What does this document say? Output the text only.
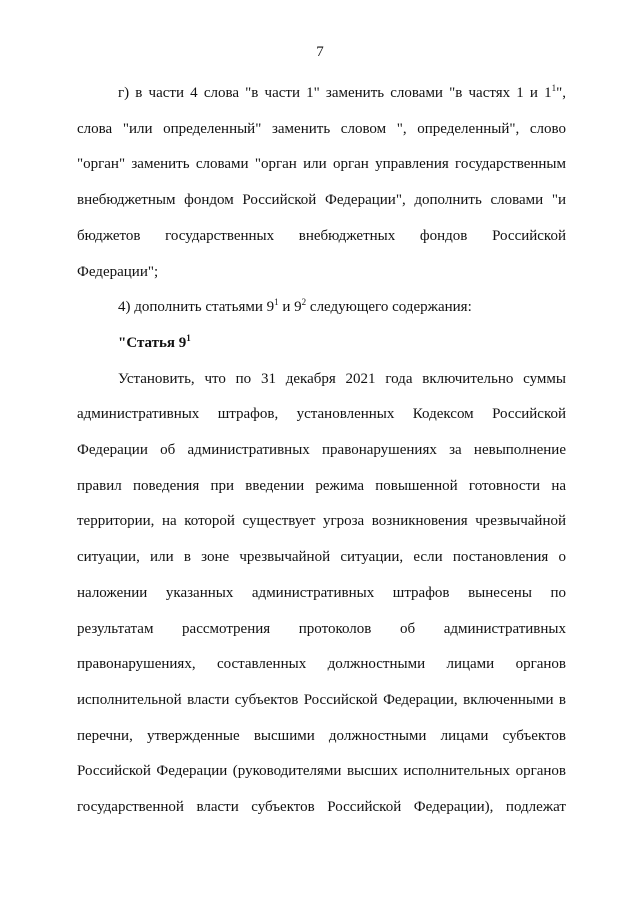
7

г) в части 4 слова "в части 1" заменить словами "в частях 1 и $1^1$", слова "или определенный" заменить словом ", определенный", слово "орган" заменить словами "орган или орган управления государственным внебюджетным фондом Российской Федерации", дополнить словами "и бюджетов государственных внебюджетных фондов Российской Федерации";

4) дополнить статьями $9^1$ и $9^2$ следующего содержания:

"Статья $9^1$

Установить, что по 31 декабря 2021 года включительно суммы административных штрафов, установленных Кодексом Российской Федерации об административных правонарушениях за невыполнение правил поведения при введении режима повышенной готовности на территории, на которой существует угроза возникновения чрезвычайной ситуации, или в зоне чрезвычайной ситуации, если постановления о наложении указанных административных штрафов вынесены по результатам рассмотрения протоколов об административных правонарушениях, составленных должностными лицами органов исполнительной власти субъектов Российской Федерации, включенными в перечни, утвержденные высшими должностными лицами субъектов Российской Федерации (руководителями высших исполнительных органов государственной власти субъектов Российской Федерации), подлежат
